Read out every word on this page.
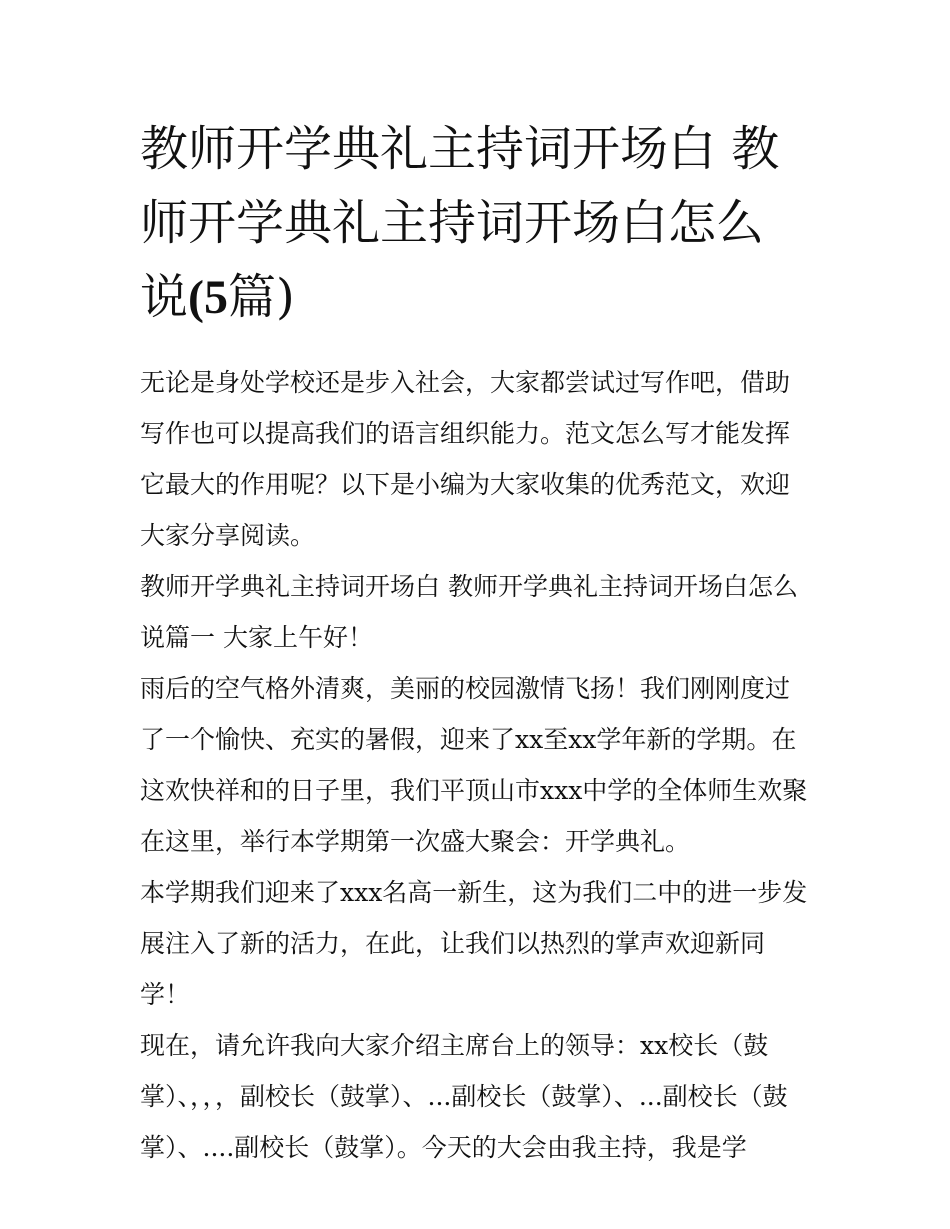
教师开学典礼主持词开场白 教
师开学典礼主持词开场白怎么
说(5篇)

无论是身处学校还是步入社会，大家都尝试过写作吧，借助写作也可以提高我们的语言组织能力。范文怎么写才能发挥它最大的作用呢？以下是小编为大家收集的优秀范文，欢迎大家分享阅读。

教师开学典礼主持词开场白 教师开学典礼主持词开场白怎么说篇一 大家上午好！

雨后的空气格外清爽，美丽的校园激情飞扬！我们刚刚度过了一个愉快、充实的暑假，迎来了xx至xx学年新的学期。在这欢快祥和的日子里，我们平顶山市xxx中学的全体师生欢聚在这里，举行本学期第一次盛大聚会：开学典礼。

本学期我们迎来了xxx名高一新生，这为我们二中的进一步发展注入了新的活力，在此，让我们以热烈的掌声欢迎新同学！

现在，请允许我向大家介绍主席台上的领导：xx校长（鼓掌）、，，，副校长（鼓掌）、...副校长（鼓掌）、...副校长（鼓掌）、....副校长（鼓掌）。今天的大会由我主持，我是学
